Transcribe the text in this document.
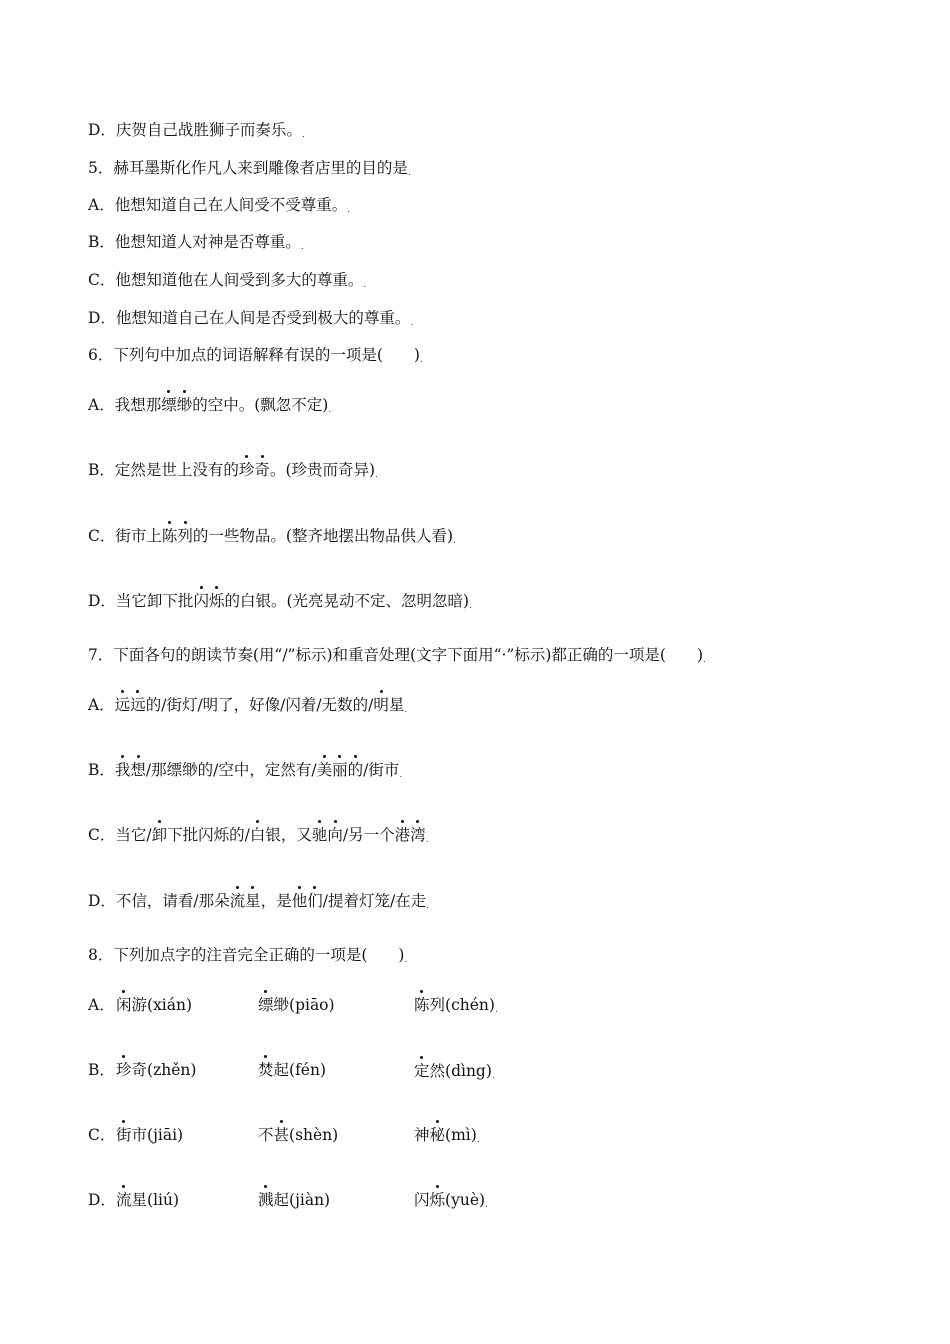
D．庆贺自己战胜狮子而奏乐。.
5．赫耳墨斯化作凡人来到雕像者店里的目的是.
A．他想知道自己在人间受不受尊重。.
B．他想知道人对神是否尊重。.
C．他想知道他在人间受到多大的尊重。.
D．他想知道自己在人间是否受到极大的尊重。.
6．下列句中加点的词语解释有误的一项是(　　).
A．我想那缥缈的空中。(飘忽不定).
B．定然是世上没有的珍奇。(珍贵而奇异).
C．街市上陈列的一些物品。(整齐地摆出物品供人看).
D．当它卸下批闪烁的白银。(光亮晃动不定、忽明忽暗).
7．下面各句的朗读节奏(用“/”标示)和重音处理(文字下面用“·”标示)都正确的一项是(　　).
A．远远的/街灯/明了，好像/闪着/无数的/明星.
B．我想/那缥缈的/空中，定然有/美丽的/街市.
C．当它/卸下批闪烁的/白银，又驰向/另一个港湾.
D．不信，请看/那朵流星，是他们/提着灯笼/在走.
8．下列加点字的注音完全正确的一项是(　　).
A． 闲游(xián)	缥缈(piāo)	陈列(chén).
B． 珍奇(zhěn)	焚起(fén)	定然(dìng).
C． 街市(jiāi)	不甚(shèn)	神秘(mì).
D． 流星(liú)	溅起(jiàn)	闪烁(yuè).
